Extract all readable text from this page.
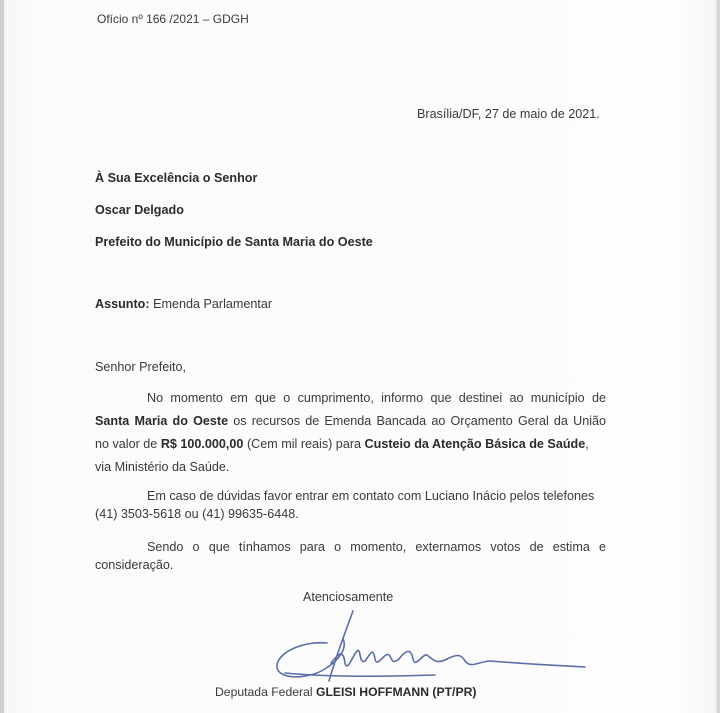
Ofício nº 166 /2021 – GDGH
Brasília/DF, 27 de maio de 2021.
À Sua Excelência o Senhor
Oscar Delgado
Prefeito do Município de Santa Maria do Oeste
Assunto: Emenda Parlamentar
Senhor Prefeito,
No momento em que o cumprimento, informo que destinei ao município de
Santa Maria do Oeste os recursos de Emenda Bancada ao Orçamento Geral da União
no valor de R$ 100.000,00 (Cem mil reais) para Custeio da Atenção Básica de Saúde,
via Ministério da Saúde.
Em caso de dúvidas favor entrar em contato com Luciano Inácio pelos telefones
(41) 3503-5618 ou (41) 99635-6448.
Sendo o que tínhamos para o momento, externamos votos de estima e
consideração.
Atenciosamente
Deputada Federal GLEISI HOFFMANN (PT/PR)
